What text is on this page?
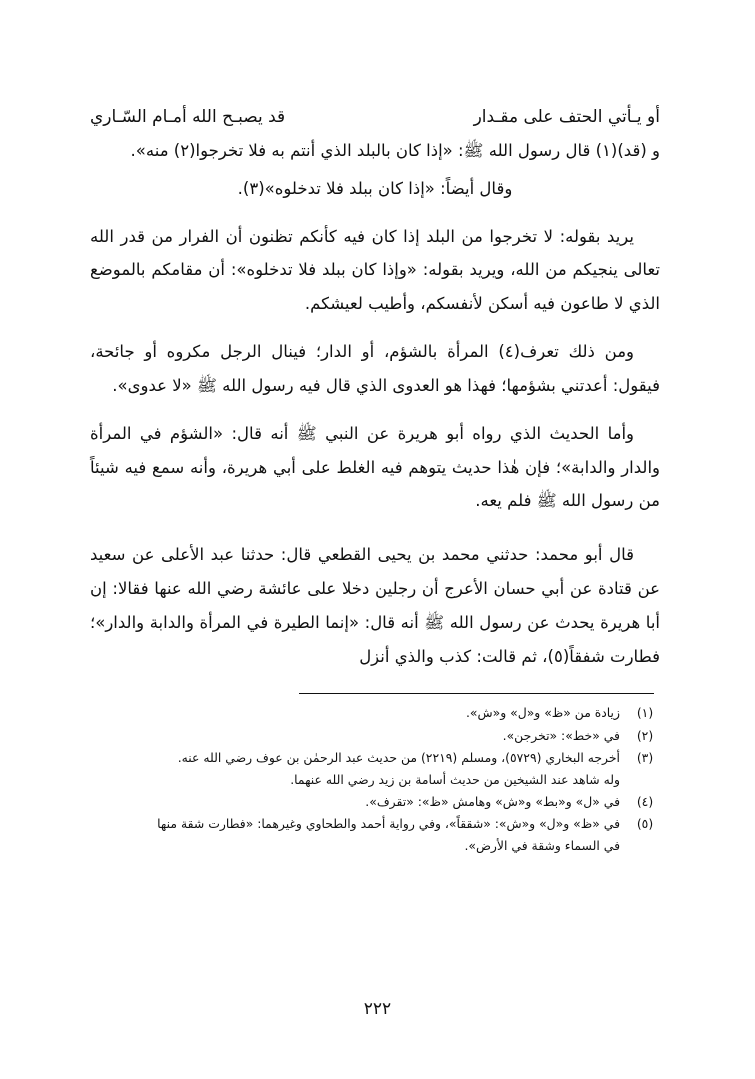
أو يـأتي الحتف على مقـدار
قد يصبـح الله أمـام السّـاري

و (قد)(١) قال رسول الله ﷺ: «إذا كان بالبلد الذي أنتم به فلا تخرجوا(٢) منه».

وقال أيضاً: «إذا كان ببلد فلا تدخلوه»(٣).

يريد بقوله: لا تخرجوا من البلد إذا كان فيه كأنكم تظنون أن الفرار من قدر الله تعالى ينجيكم من الله، ويريد بقوله: «وإذا كان ببلد فلا تدخلوه»: أن مقامكم بالموضع الذي لا طاعون فيه أسكن لأنفسكم، وأطيب لعيشكم.

ومن ذلك تعرف(٤) المرأة بالشؤم، أو الدار؛ فينال الرجل مكروه أو جائحة، فيقول: أعدتني بشؤمها؛ فهذا هو العدوى الذي قال فيه رسول الله ﷺ «لا عدوى».

وأما الحديث الذي رواه أبو هريرة عن النبي ﷺ أنه قال: «الشؤم في المرأة والدار والدابة»؛ فإن هٰذا حديث يتوهم فيه الغلط على أبي هريرة، وأنه سمع فيه شيئاً من رسول الله ﷺ فلم يعه.

قال أبو محمد: حدثني محمد بن يحيى القطعي قال: حدثنا عبد الأعلى عن سعيد عن قتادة عن أبي حسان الأعرج أن رجلين دخلا على عائشة رضي الله عنها فقالا: إن أبا هريرة يحدث عن رسول الله ﷺ أنه قال: «إنما الطيرة في المرأة والدابة والدار»؛ فطارت شفقاً(٥)، ثم قالت: كذب والذي أنزل

(١)
زيادة من «ظ» و«ل» و«ش».
(٢)
في «خط»: «تخرجن».
(٣)
أخرجه البخاري (٥٧٢٩)، ومسلم (٢٢١٩) من حديث عبد الرحمٰن بن عوف رضي الله عنه.
وله شاهد عند الشيخين من حديث أسامة بن زيد رضي الله عنهما.
(٤)
في «ل» و«بط» و«ش» وهامش «ظ»: «تقرف».
(٥)
في «ظ» و«ل» و«ش»: «شققاً»، وفي رواية أحمد والطحاوي وغيرهما: «فطارت شقة منها
في السماء وشقة في الأرض».
٢٢٢
